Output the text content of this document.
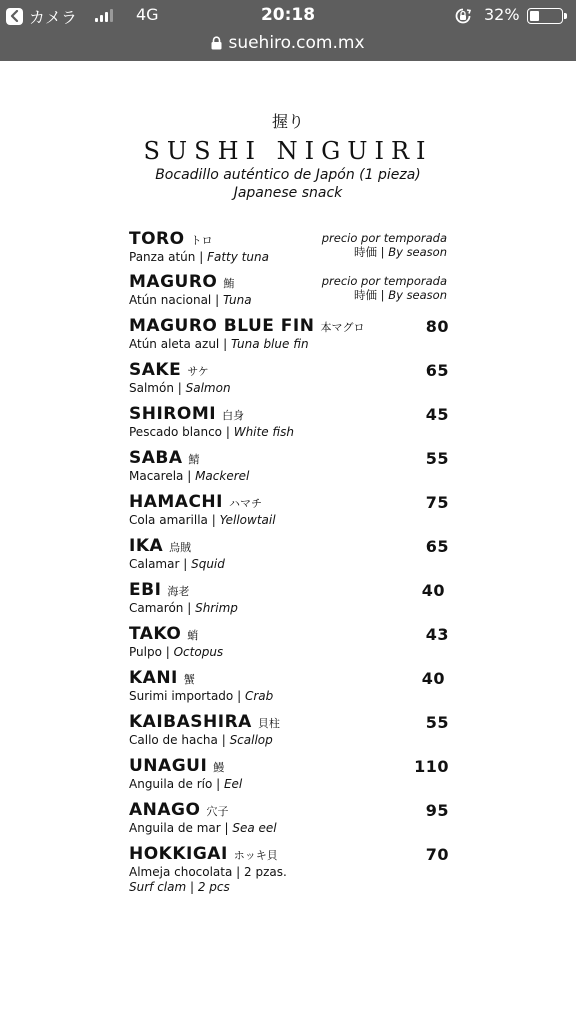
カメラ	4G	20:18	32%
suehiro.com.mx
握り
SUSHI NIGUIRI
Bocadillo auténtico de Japón (1 pieza)
Japanese snack
TORO トロ
Panza atún | Fatty tuna
precio por temporada
時価 | By season
MAGURO 鮪
Atún nacional | Tuna
precio por temporada
時価 | By season
MAGURO BLUE FIN 本マグロ
Atún aleta azul | Tuna blue fin
80
SAKE サケ
Salmón | Salmon
65
SHIROMI 白身
Pescado blanco | White fish
45
SABA 鯖
Macarela | Mackerel
55
HAMACHI ハマチ
Cola amarilla | Yellowtail
75
IKA 烏賊
Calamar | Squid
65
EBI 海老
Camarón | Shrimp
40
TAKO 蛸
Pulpo | Octopus
43
KANI 蟹
Surimi importado | Crab
40
KAIBASHIRA 貝柱
Callo de hacha | Scallop
55
UNAGUI 鰻
Anguila de río | Eel
110
ANAGO 穴子
Anguila de mar | Sea eel
95
HOKKIGAI ホッキ貝
Almeja chocolata | 2 pzas.
Surf clam | 2 pcs
70
